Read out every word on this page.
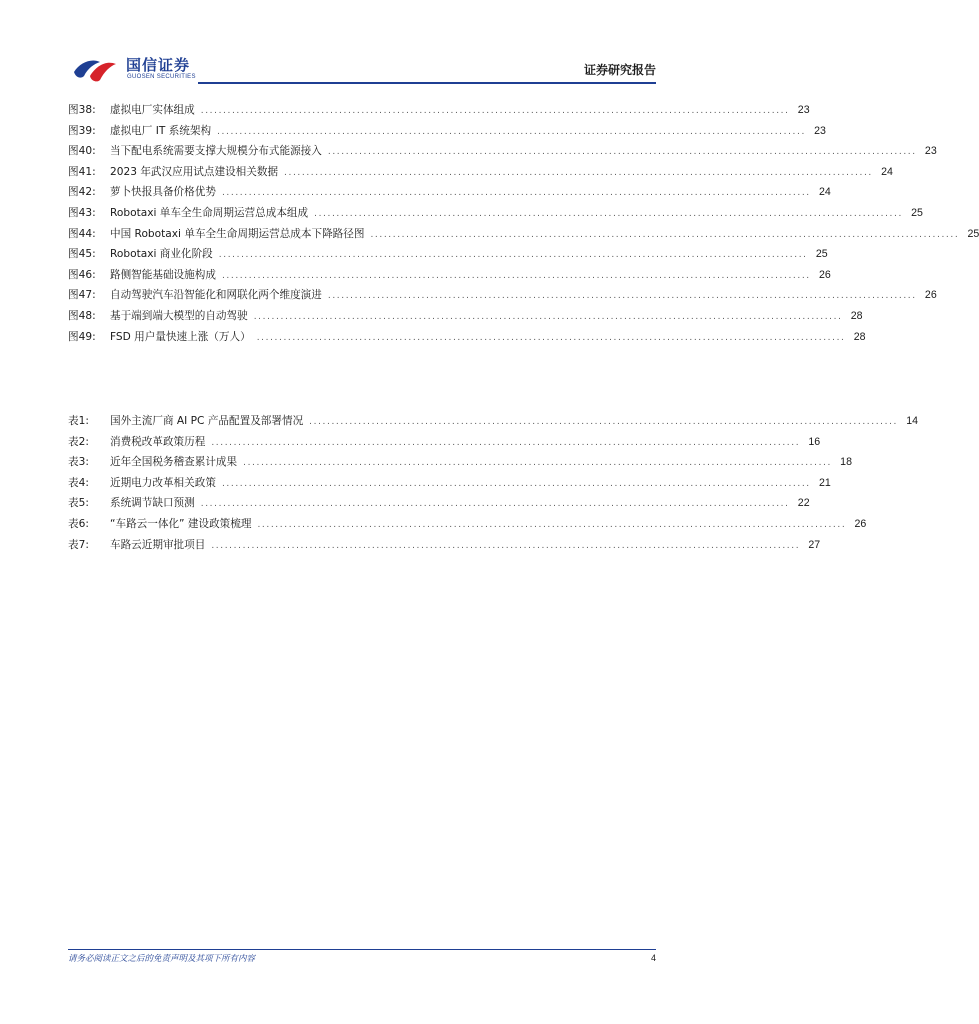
国信证券
GUOSEN SECURITIES	证券研究报告
图38:	虚拟电厂实体组成 .................................................................................................................................... 23
图39:	虚拟电厂 IT 系统架构 .................................................................................................................................... 23
图40:	当下配电系统需要支撑大规模分布式能源接入 .................................................................................................................................... 23
图41:	2023 年武汉应用试点建设相关数据 .................................................................................................................................... 24
图42:	萝卜快报具备价格优势 .................................................................................................................................... 24
图43:	Robotaxi 单车全生命周期运营总成本组成 .................................................................................................................................... 25
图44:	中国 Robotaxi 单车全生命周期运营总成本下降路径图 .................................................................................................................................... 25
图45:	Robotaxi 商业化阶段 .................................................................................................................................... 25
图46:	路侧智能基础设施构成 .................................................................................................................................... 26
图47:	自动驾驶汽车沿智能化和网联化两个维度演进 .................................................................................................................................... 26
图48:	基于端到端大模型的自动驾驶 .................................................................................................................................... 28
图49:	FSD 用户量快速上涨（万人） .................................................................................................................................... 28
表1:	国外主流厂商 AI PC 产品配置及部署情况 .................................................................................................................................... 14
表2:	消费税改革政策历程 .................................................................................................................................... 16
表3:	近年全国税务稽查累计成果 .................................................................................................................................... 18
表4:	近期电力改革相关政策 .................................................................................................................................... 21
表5:	系统调节缺口预测 .................................................................................................................................... 22
表6:	“车路云一体化” 建设政策梳理 .................................................................................................................................... 26
表7:	车路云近期审批项目 .................................................................................................................................... 27
请务必阅读正文之后的免责声明及其项下所有内容	4
